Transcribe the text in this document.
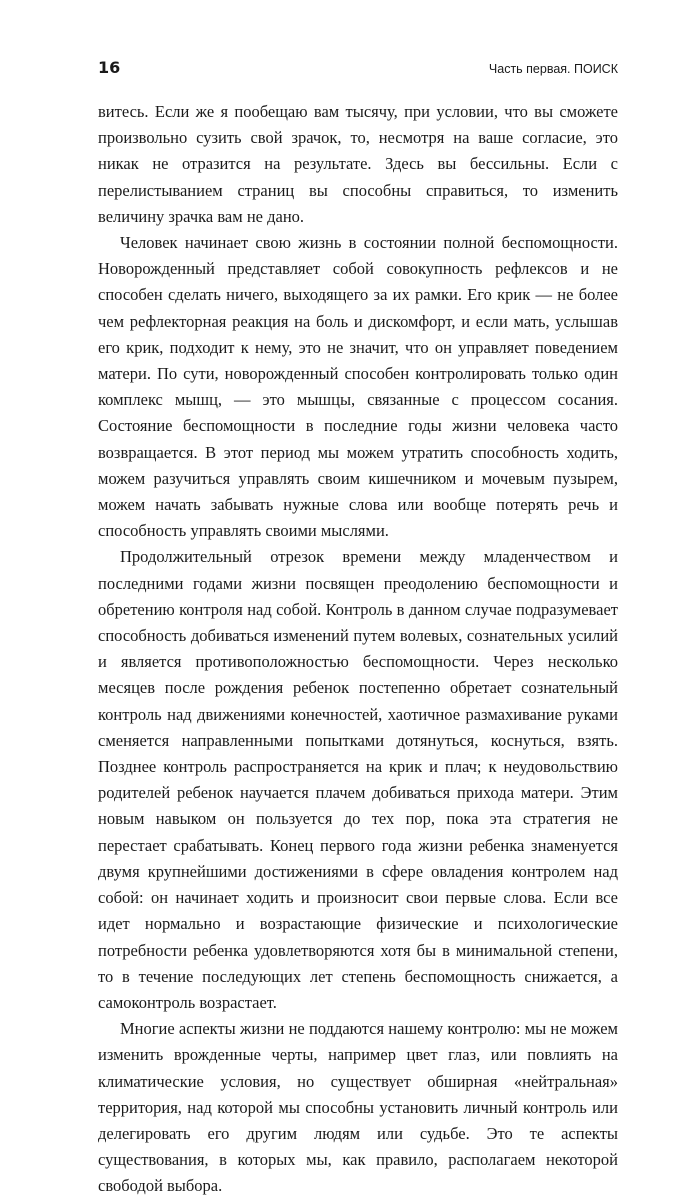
16	Часть первая. ПОИСК

витесь. Если же я пообещаю вам тысячу, при условии, что вы сможете произвольно сузить свой зрачок, то, несмотря на ваше согласие, это никак не отразится на результате. Здесь вы бессильны. Если с перелистыванием страниц вы способны справиться, то изменить величину зрачка вам не дано.

Человек начинает свою жизнь в состоянии полной беспомощности. Новорожденный представляет собой совокупность рефлексов и не способен сделать ничего, выходящего за их рамки. Его крик — не более чем рефлекторная реакция на боль и дискомфорт, и если мать, услышав его крик, подходит к нему, это не значит, что он управляет поведением матери. По сути, новорожденный способен контролировать только один комплекс мышц, — это мышцы, связанные с процессом сосания. Состояние беспомощности в последние годы жизни человека часто возвращается. В этот период мы можем утратить способность ходить, можем разучиться управлять своим кишечником и мочевым пузырем, можем начать забывать нужные слова или вообще потерять речь и способность управлять своими мыслями.

Продолжительный отрезок времени между младенчеством и последними годами жизни посвящен преодолению беспомощности и обретению контроля над собой. Контроль в данном случае подразумевает способность добиваться изменений путем волевых, сознательных усилий и является противоположностью беспомощности. Через несколько месяцев после рождения ребенок постепенно обретает сознательный контроль над движениями конечностей, хаотичное размахивание руками сменяется направленными попытками дотянуться, коснуться, взять. Позднее контроль распространяется на крик и плач; к неудовольствию родителей ребенок научается плачем добиваться прихода матери. Этим новым навыком он пользуется до тех пор, пока эта стратегия не перестает срабатывать. Конец первого года жизни ребенка знаменуется двумя крупнейшими достижениями в сфере овладения контролем над собой: он начинает ходить и произносит свои первые слова. Если все идет нормально и возрастающие физические и психологические потребности ребенка удовлетворяются хотя бы в минимальной степени, то в течение последующих лет степень беспомощность снижается, а самоконтроль возрастает.

Многие аспекты жизни не поддаются нашему контролю: мы не можем изменить врожденные черты, например цвет глаз, или повлиять на климатические условия, но существует обширная «нейтральная» территория, над которой мы способны установить личный контроль или делегировать его другим людям или судьбе. Это те аспекты существования, в которых мы, как правило, располагаем некоторой свободой выбора.
